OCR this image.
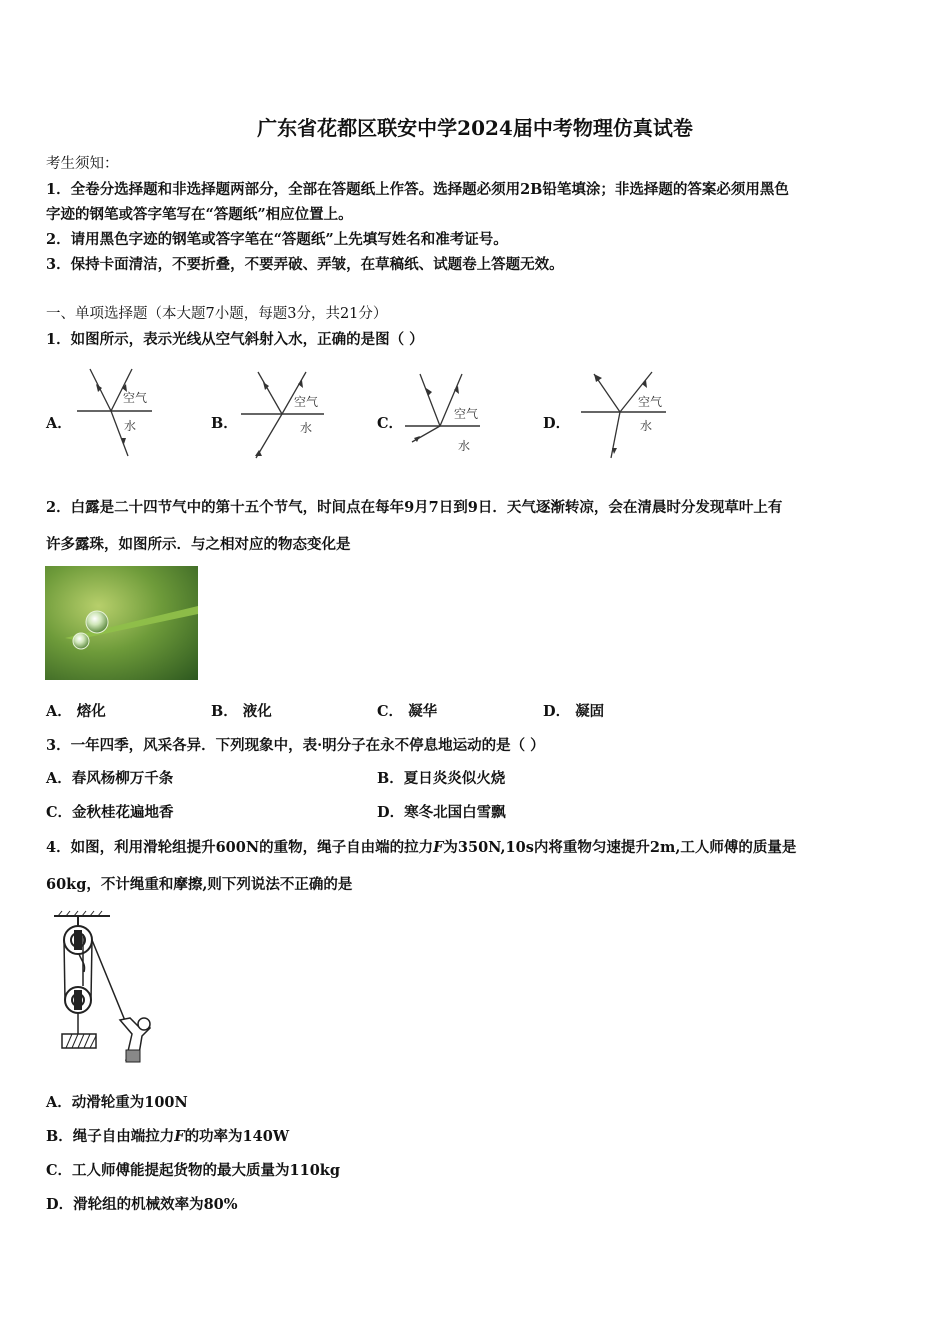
广东省花都区联安中学2024届中考物理仿真试卷
考生须知：
1．全卷分选择题和非选择题两部分，全部在答题纸上作答。选择题必须用2B铅笔填涂；非选择题的答案必须用黑色
字迹的钢笔或答字笔写在“答题纸”相应位置上。
2．请用黑色字迹的钢笔或答字笔在“答题纸”上先填写姓名和准考证号。
3．保持卡面清洁，不要折叠，不要弄破、弄皱，在草稿纸、试题卷上答题无效。
一、单项选择题（本大题7小题，每题3分，共21分）
1．如图所示，表示光线从空气斜射入水，正确的是图（ ）
A．	B．	C．	D．
空气
水
空气
水
空气
水
空气
水
2．白露是二十四节气中的第十五个节气，时间点在每年9月7日到9日．天气逐渐转凉，会在清晨时分发现草叶上有
许多露珠，如图所示．与之相对应的物态变化是
A． 熔化	B． 液化	C． 凝华	D． 凝固
3．一年四季，风采各异．下列现象中，表·明分子在永不停息地运动的是（ ）
A．春风杨柳万千条	B．夏日炎炎似火烧
C．金秋桂花遍地香	D．寒冬北国白雪飘
4．如图，利用滑轮组提升600N的重物，绳子自由端的拉力F为350N,10s内将重物匀速提升2m,工人师傅的质量是
60kg，不计绳重和摩擦,则下列说法不正确的是
A．动滑轮重为100N
B．绳子自由端拉力F的功率为140W
C．工人师傅能提起货物的最大质量为110kg
D．滑轮组的机械效率为80%
